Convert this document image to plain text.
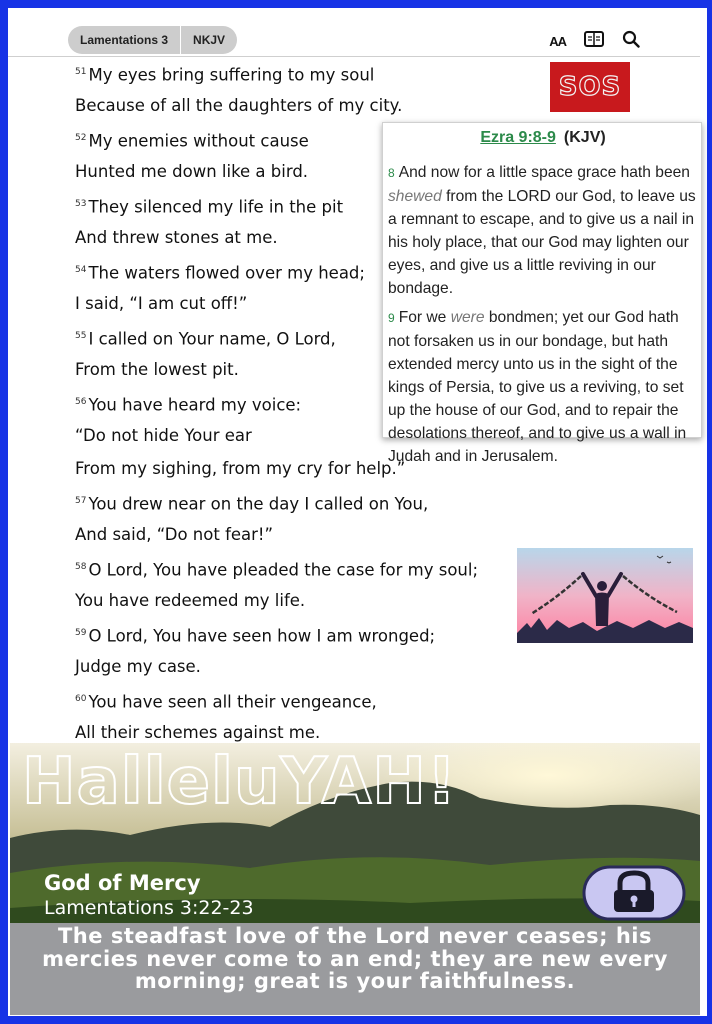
Lamentations 3	NKJV	AA
$^{51}$ My eyes bring suffering to my soul
Because of all the daughters of my city.
$^{52}$ My enemies without cause
Hunted me down like a bird.
$^{53}$ They silenced my life in the pit
And threw stones at me.
$^{54}$ The waters flowed over my head;
I said, “I am cut off!”
$^{55}$ I called on Your name, O Lord,
From the lowest pit.
$^{56}$ You have heard my voice:
“Do not hide Your ear
From my sighing, from my cry for help.”
$^{57}$ You drew near on the day I called on You,
And said, “Do not fear!”
$^{58}$ O Lord, You have pleaded the case for my soul;
You have redeemed my life.
$^{59}$ O Lord, You have seen how I am wronged;
Judge my case.
$^{60}$ You have seen all their vengeance,
All their schemes against me.
SOS
Ezra 9:8-9 (KJV)

8 And now for a little space grace hath been shewed from the LORD our God, to leave us a remnant to escape, and to give us a nail in his holy place, that our God may lighten our eyes, and give us a little reviving in our bondage.

9 For we were bondmen; yet our God hath not forsaken us in our bondage, but hath extended mercy unto us in the sight of the kings of Persia, to give us a reviving, to set up the house of our God, and to repair the desolations thereof, and to give us a wall in Judah and in Jerusalem.

HalleluYAH!
God of Mercy
Lamentations 3:22-23
The steadfast love of the Lord never ceases; his mercies never come to an end; they are new every morning; great is your faithfulness.
